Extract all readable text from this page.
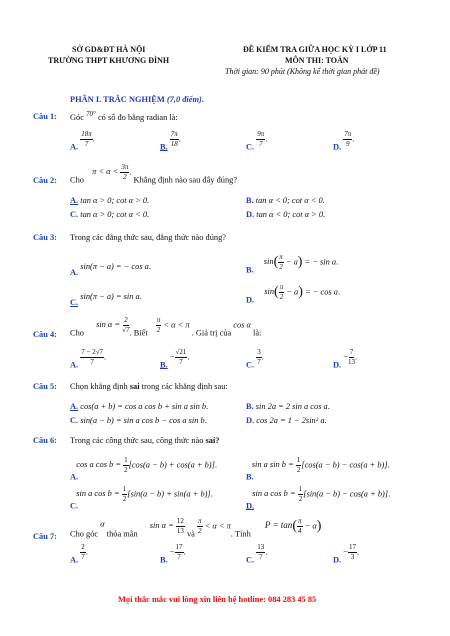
SỞ GD&ĐT HÀ NỘI
TRƯỜNG THPT KHƯƠNG ĐÌNH
ĐỀ KIỂM TRA GIỮA HỌC KỲ I LỚP 11
MÔN THI: TOÁN
Thời gian: 90 phút (Không kể thời gian phát đề)
PHẦN I. TRẮC NGHIỆM (7,0 điểm).
Câu 1: Góc $^{70^\circ}$ có số đo bằng radian là:
A. $\frac{18\pi}{7}$ .
B. $\frac{7\pi}{18}$ .
C. $\frac{9\pi}{7}$ .
D. $\frac{7\pi}{9}$ .
Câu 2: Cho $\pi < \alpha < \frac{3\pi}{2}$ . Khẳng định nào sau đây đúng?
A. tan α > 0; cot α > 0.	B. tan α < 0; cot α < 0.
C. tan α > 0; cot α < 0.	D. tan α < 0; cot α > 0.
Câu 3: Trong các đẳng thức sau, đẳng thức nào đúng?
A. sin(π − a) = − cos a.	B. $\sin( \frac{\pi}{2} - a)$ = − sin a.
C. sin(π − a) = sin a.	D. $\sin( \frac{\pi}{2} - a)$ = − cos a.
Câu 4: Cho $\sin \alpha = \frac{2}{√7}$ . Biết $\frac{\pi}{2} < \alpha < \pi$ . Giá trị của cos α là:
A. $\frac{7 - 2√7}{7}$ .
B. − $\frac{√21}{7}$ .
C. $\frac{3}{7}$ .
D. − $\frac{7}{13}$ .
Câu 5: Chọn khẳng định sai trong các khẳng định sau:
A. cos(a + b) = cos a cos b + sin a sin b.	B. sin 2a = 2 sin a cos a.
C. sin(a − b) = sin a cos b − cos a sin b.	D. cos 2a = 1 − 2sin² a.
Câu 6: Trong các công thức sau, công thức nào sai?
A. cos a $\cos b = \frac{1}{2} [\cos(a - b) + \cos(a + b)]$.
B. sin a $\sin b = \frac{1}{2} [\cos(a - b) - \cos(a + b)]$.
C. sin a $\cos b = \frac{1}{2} [\sin(a - b) + \sin(a + b)]$.
D. sin a $\cos b = \frac{1}{2} [\sin(a - b) - \cos(a + b)]$.
Câu 7: Cho góc α thỏa mãn $\sin \alpha = \frac{12}{13}$ và $\frac{\pi}{2} < \alpha < \pi$. Tính $P = \tan( \frac{\pi}{4} - \alpha)$
A. $\frac{2}{7}$ .
B. − $\frac{17}{7}$ .
C. $\frac{13}{7}$ .
D. − $\frac{17}{3}$ .
Mọi thắc mắc vui lòng xin liên hệ hotline: 084 283 45 85
